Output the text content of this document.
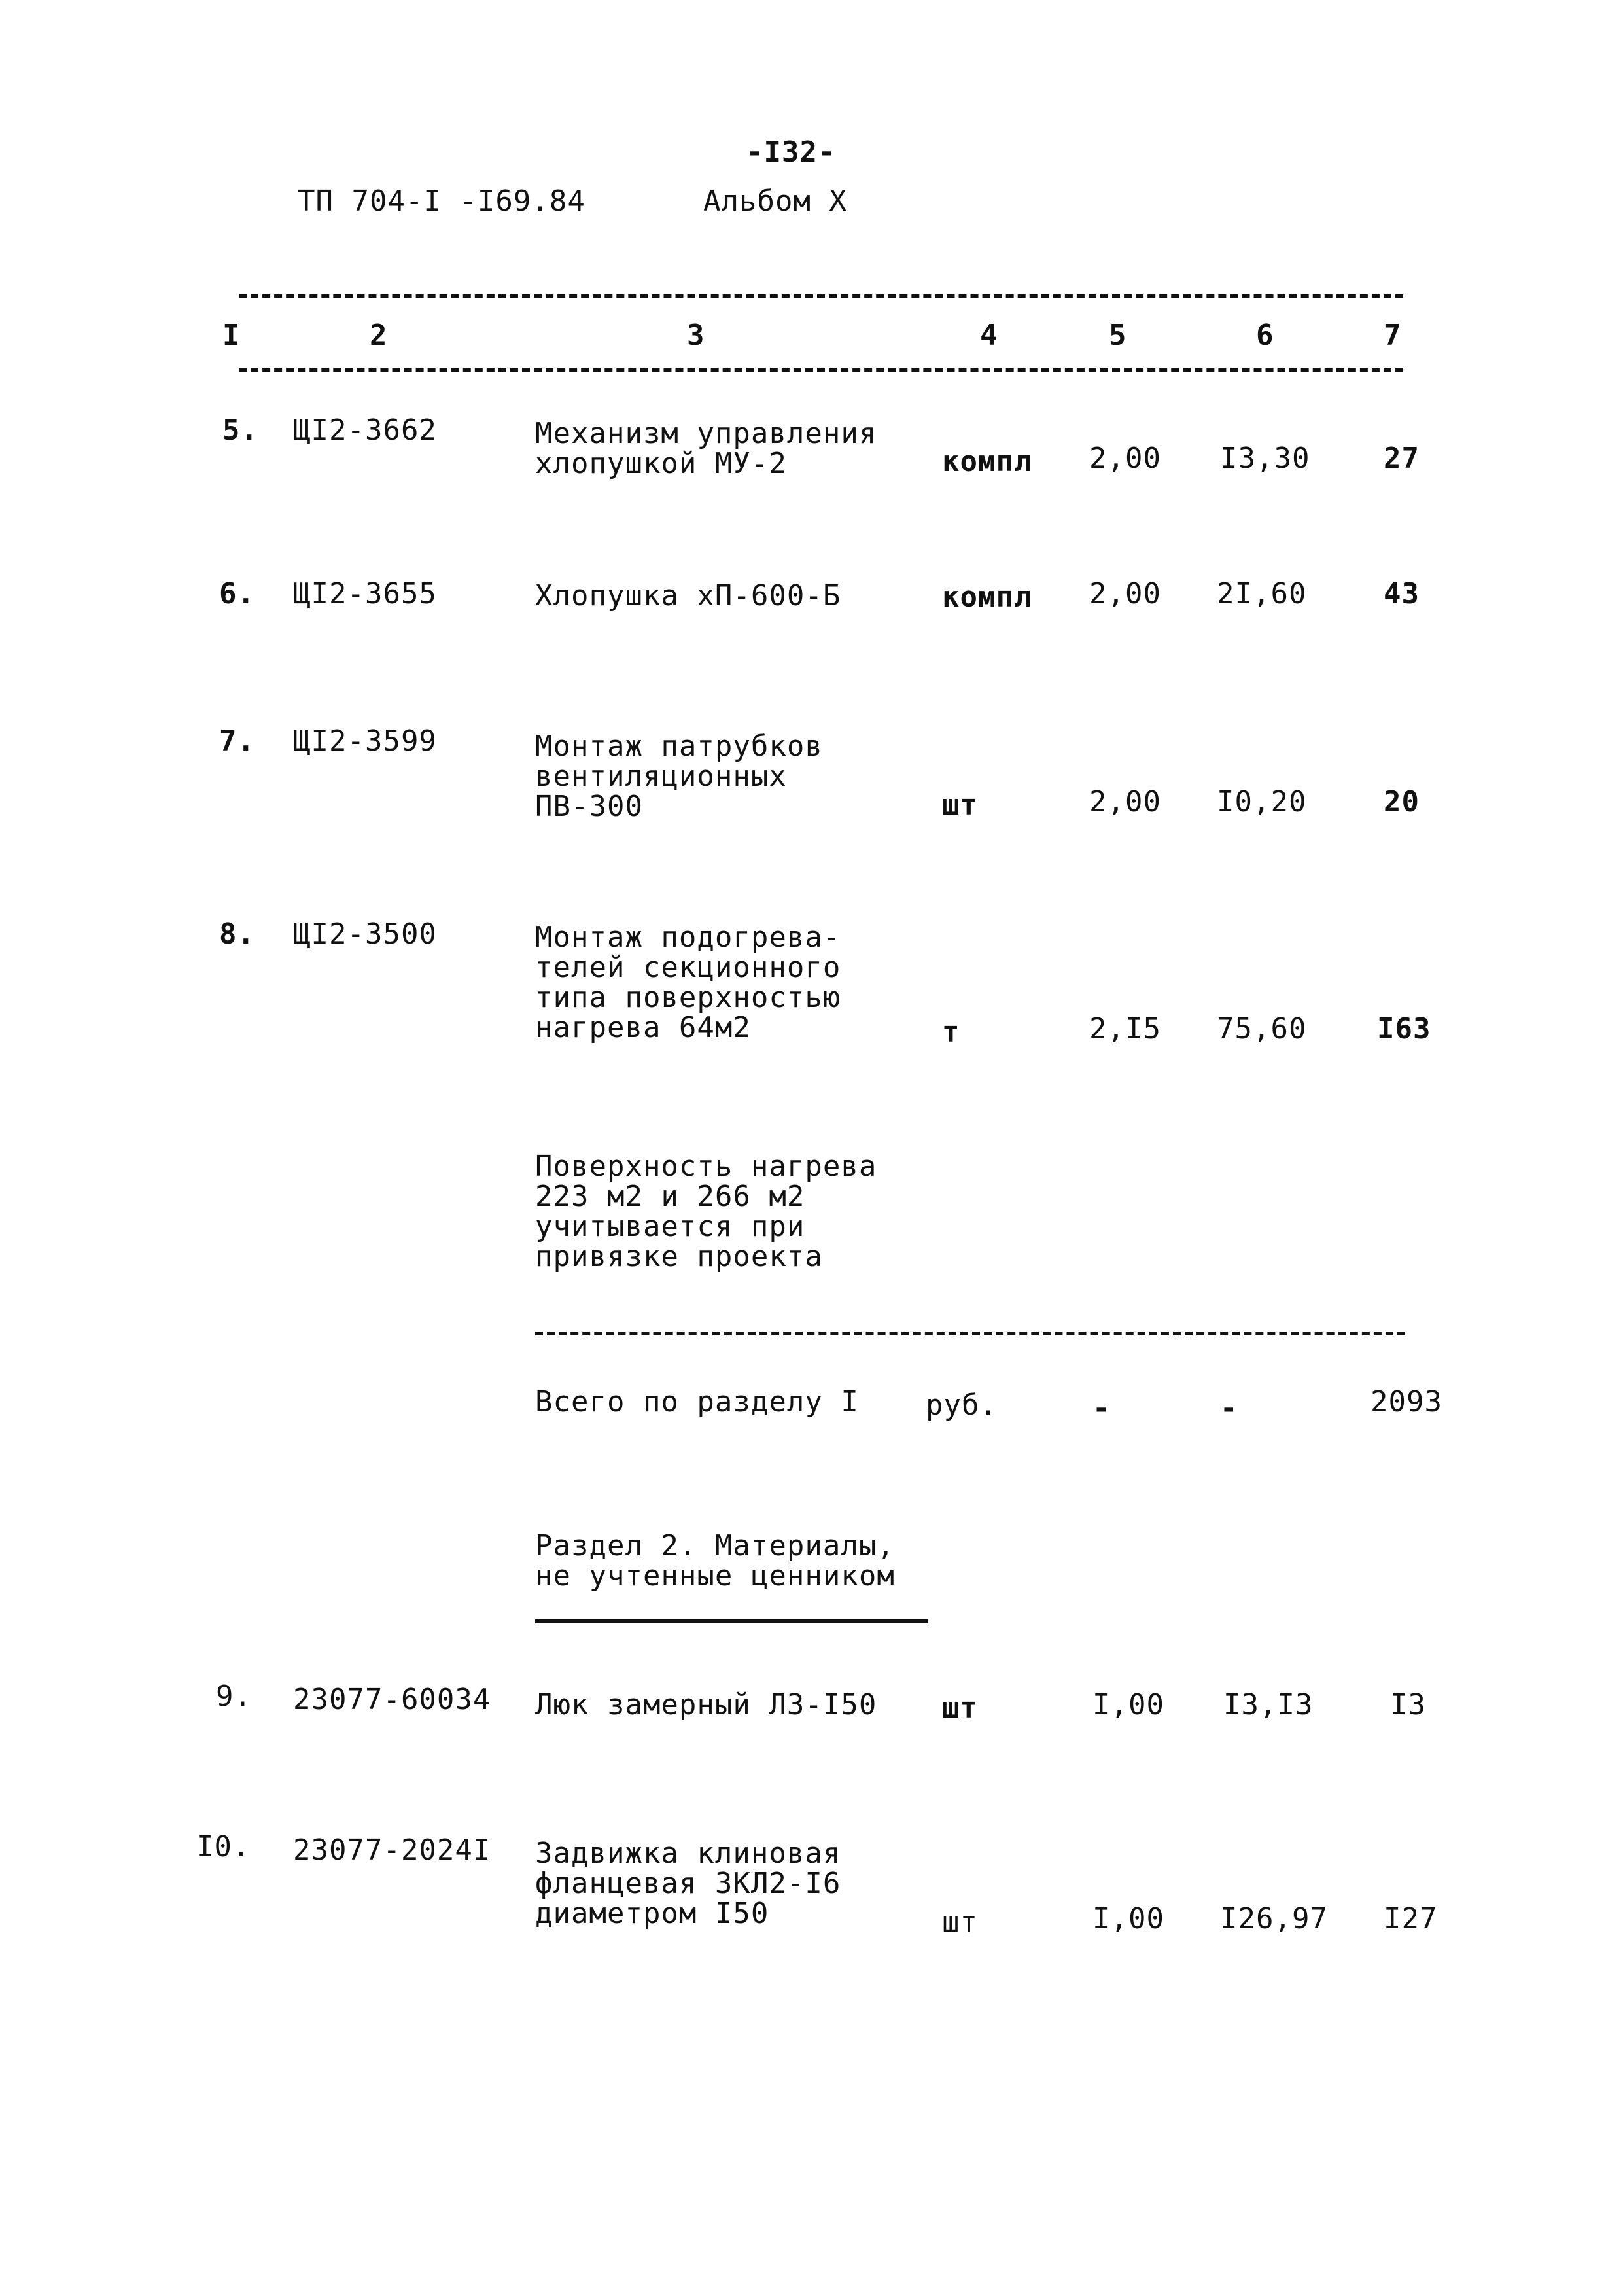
-I32-
ТП 704-I -I69.84	Альбом X
I	2	3	4	5	6	7
5. ЩI2-3662	Механизм управления
хлопушкой МУ-2	компл 2,00 I3,30	27
6. ЩI2-3655	Хлопушка хП-600-Б	компл 2,00 2I,60	43
7. ЩI2-3599	Монтаж патрубков
вентиляционных
ПВ-300	шт	2,00 I0,20	20
8. ЩI2-3500	Монтаж подогрева-
телей секционного
типа поверхностью
нагрева 64м2	т	2,I5 75,60 I63
Поверхность нагрева
223 м2 и 266 м2
учитывается при
привязке проекта
Всего по разделу I руб.	-	-	2093
Раздел 2. Материалы,
не учтенные ценником
9. 23077-60034 Люк замерный ЛЗ-I50 шт	I,00 I3,I3	I3
I0. 23077-2024I Задвижка клиновая
фланцевая ЗКЛ2-I6
диаметром I50	шт	I,00 I26,97 I27
